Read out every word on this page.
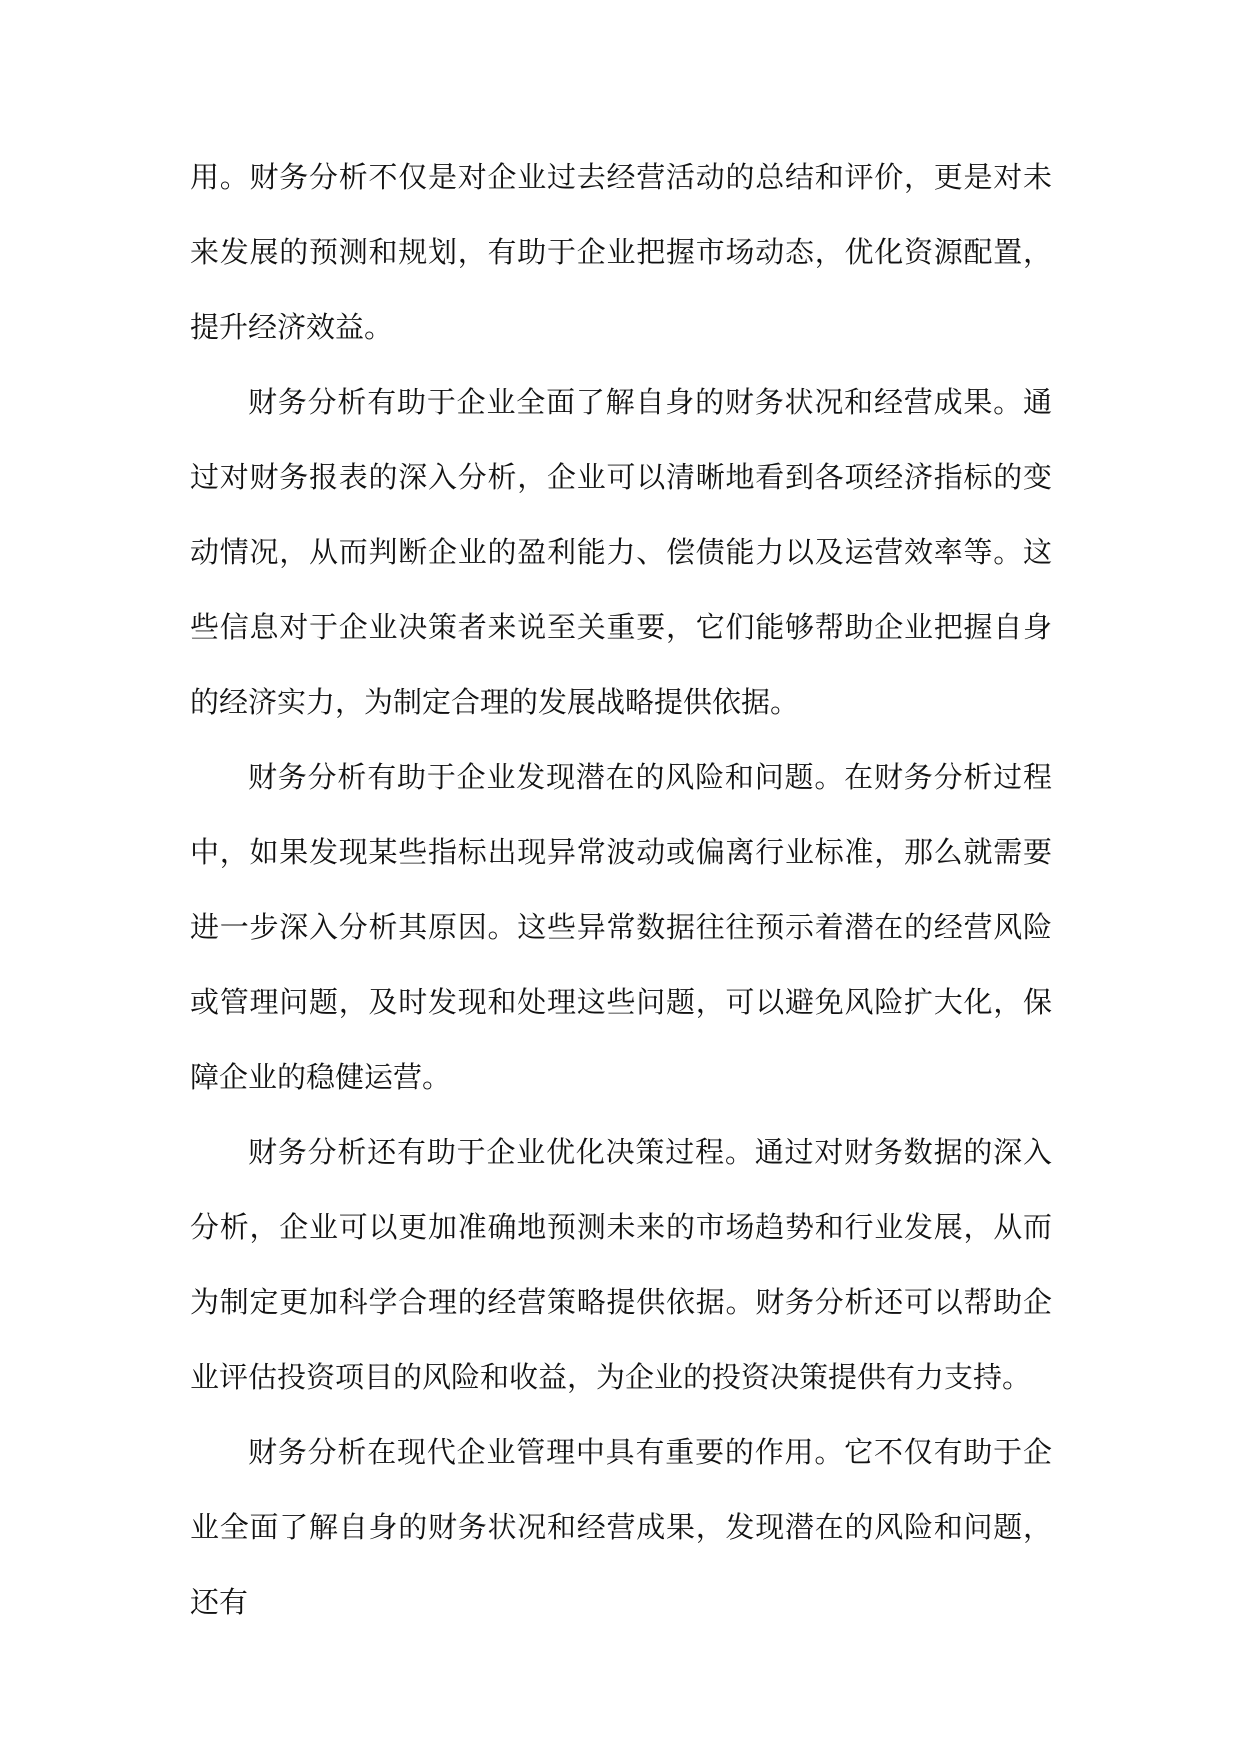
用。财务分析不仅是对企业过去经营活动的总结和评价，更是对未来发展的预测和规划，有助于企业把握市场动态，优化资源配置，提升经济效益。

财务分析有助于企业全面了解自身的财务状况和经营成果。通过对财务报表的深入分析，企业可以清晰地看到各项经济指标的变动情况，从而判断企业的盈利能力、偿债能力以及运营效率等。这些信息对于企业决策者来说至关重要，它们能够帮助企业把握自身的经济实力，为制定合理的发展战略提供依据。

财务分析有助于企业发现潜在的风险和问题。在财务分析过程中，如果发现某些指标出现异常波动或偏离行业标准，那么就需要进一步深入分析其原因。这些异常数据往往预示着潜在的经营风险或管理问题，及时发现和处理这些问题，可以避免风险扩大化，保障企业的稳健运营。

财务分析还有助于企业优化决策过程。通过对财务数据的深入分析，企业可以更加准确地预测未来的市场趋势和行业发展，从而为制定更加科学合理的经营策略提供依据。财务分析还可以帮助企业评估投资项目的风险和收益，为企业的投资决策提供有力支持。

财务分析在现代企业管理中具有重要的作用。它不仅有助于企业全面了解自身的财务状况和经营成果，发现潜在的风险和问题，还有
